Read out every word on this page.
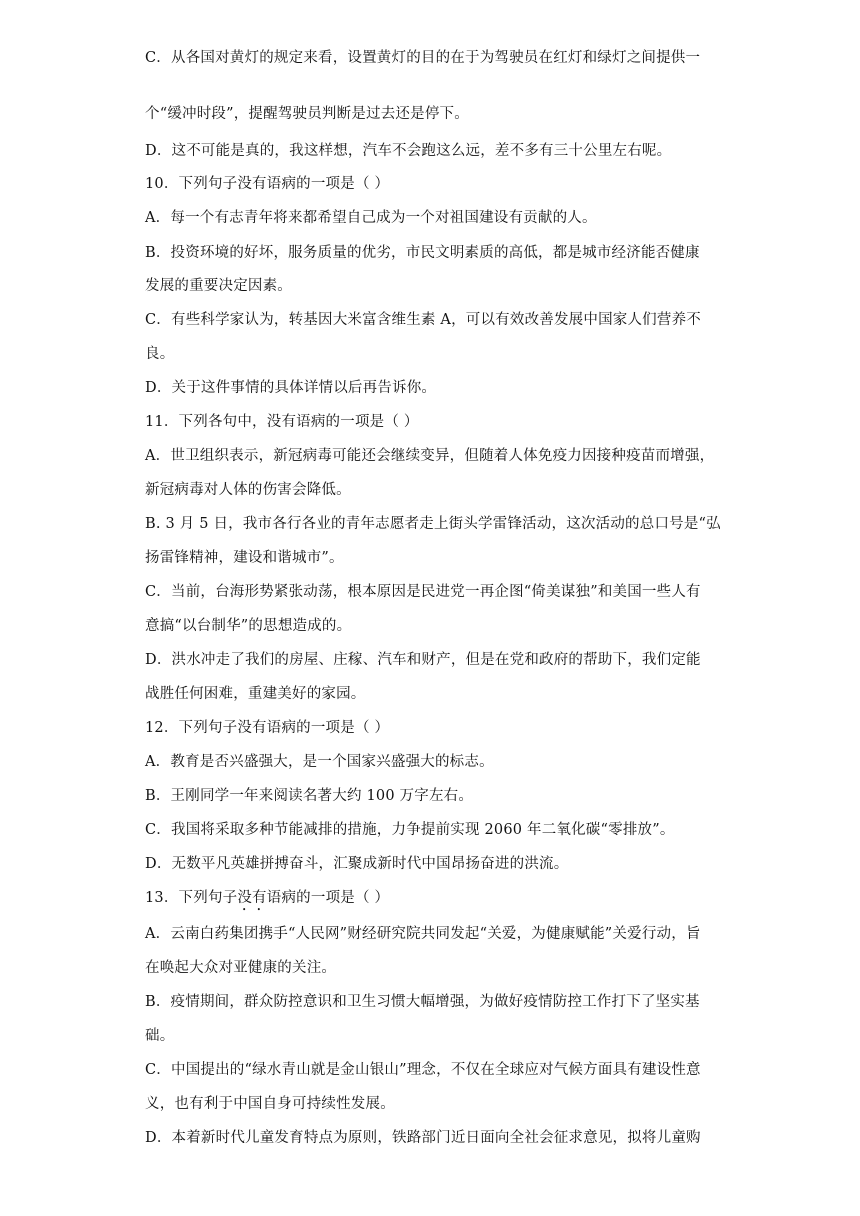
C．从各国对黄灯的规定来看，设置黄灯的目的在于为驾驶员在红灯和绿灯之间提供一
个“缓冲时段”，提醒驾驶员判断是过去还是停下。
D．这不可能是真的，我这样想，汽车不会跑这么远，差不多有三十公里左右呢。
10．下列句子没有语病的一项是（ ）
A．每一个有志青年将来都希望自己成为一个对祖国建设有贡献的人。
B．投资环境的好坏，服务质量的优劣，市民文明素质的高低，都是城市经济能否健康
发展的重要决定因素。
C．有些科学家认为，转基因大米富含维生素 A，可以有效改善发展中国家人们营养不
良。
D．关于这件事情的具体详情以后再告诉你。
11．下列各句中，没有语病的一项是（ ）
A．世卫组织表示，新冠病毒可能还会继续变异，但随着人体免疫力因接种疫苗而增强，
新冠病毒对人体的伤害会降低。
B. 3 月 5 日，我市各行各业的青年志愿者走上街头学雷锋活动，这次活动的总口号是“弘
扬雷锋精神，建设和谐城市”。
C．当前，台海形势紧张动荡，根本原因是民进党一再企图“倚美谋独”和美国一些人有
意搞“以台制华”的思想造成的。
D．洪水冲走了我们的房屋、庄稼、汽车和财产，但是在党和政府的帮助下，我们定能
战胜任何困难，重建美好的家园。
12．下列句子没有语病的一项是（ ）
A．教育是否兴盛强大，是一个国家兴盛强大的标志。
B．王刚同学一年来阅读名著大约 100 万字左右。
C．我国将采取多种节能减排的措施，力争提前实现 2060 年二氧化碳“零排放”。
D．无数平凡英雄拼搏奋斗，汇聚成新时代中国昂扬奋进的洪流。
13．下列句子没有语病的一项是（ ）
A．云南白药集团携手“人民网”财经研究院共同发起“关爱，为健康赋能”关爱行动，旨
在唤起大众对亚健康的关注。
B．疫情期间，群众防控意识和卫生习惯大幅增强，为做好疫情防控工作打下了坚实基
础。
C．中国提出的“绿水青山就是金山银山”理念，不仅在全球应对气候方面具有建设性意
义，也有利于中国自身可持续性发展。
D．本着新时代儿童发育特点为原则，铁路部门近日面向全社会征求意见，拟将儿童购
